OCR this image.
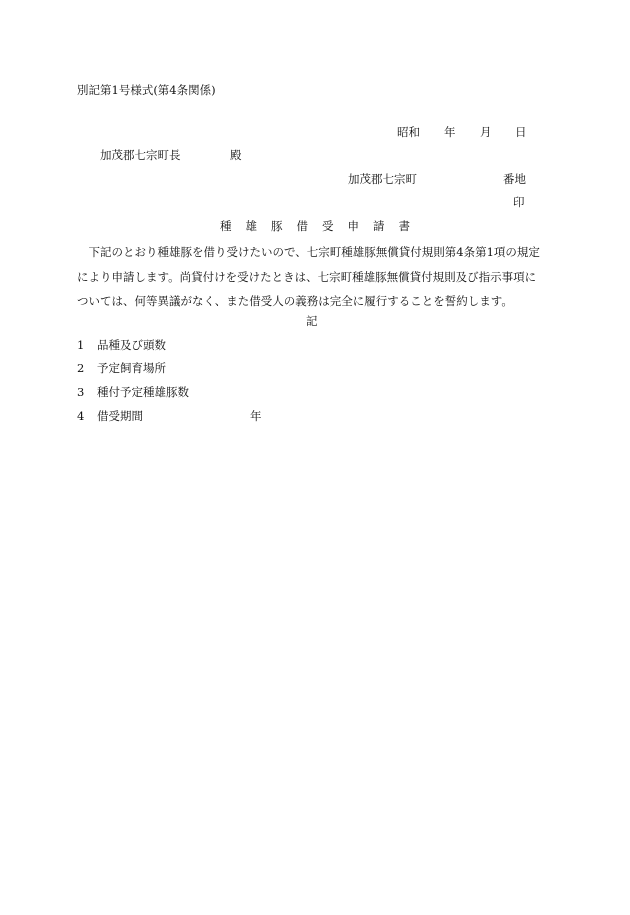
別記第1号様式(第4条関係)
昭和 年 月 日
加茂郡七宗町長	殿
加茂郡七宗町	番地
印
種 雄 豚 借 受 申 請 書

下記のとおり種雄豚を借り受けたいので、七宗町種雄豚無償貸付規則第4条第1項の規定

により申請します。尚貸付けを受けたときは、七宗町種雄豚無償貸付規則及び指示事項に

ついては、何等異議がなく、また借受人の義務は完全に履行することを誓約します。

記
1 品種及び頭数
2 予定飼育場所
3 種付予定種雄豚数
4 借受期間	年
